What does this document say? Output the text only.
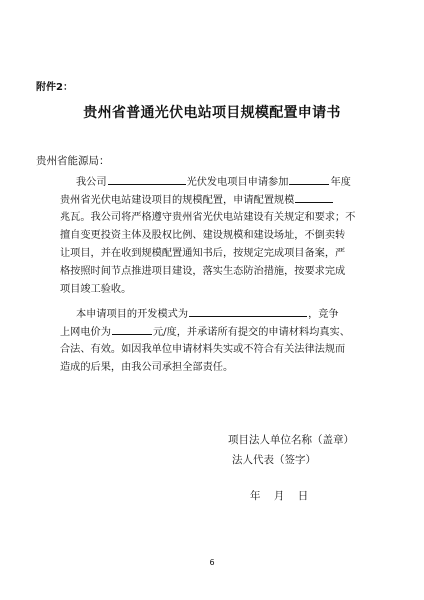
附件2：
贵州省普通光伏电站项目规模配置申请书
贵州省能源局：
我公司	光伏发电项目申请参加	年度
贵州省光伏电站建设项目的规模配置，申请配置规模
兆瓦。我公司将严格遵守贵州省光伏电站建设有关规定和要求；不
擅自变更投资主体及股权比例、建设规模和建设场址，不倒卖转
让项目，并在收到规模配置通知书后，按规定完成项目备案，严
格按照时间节点推进项目建设，落实生态防治措施，按要求完成
项目竣工验收。
本申请项目的开发模式为	，竞争
上网电价为	元/度，并承诺所有提交的申请材料均真实、
合法、有效。如因我单位申请材料失实或不符合有关法律法规而
造成的后果，由我公司承担全部责任。
项目法人单位名称（盖章）
法人代表（签字）
年    月    日
6
